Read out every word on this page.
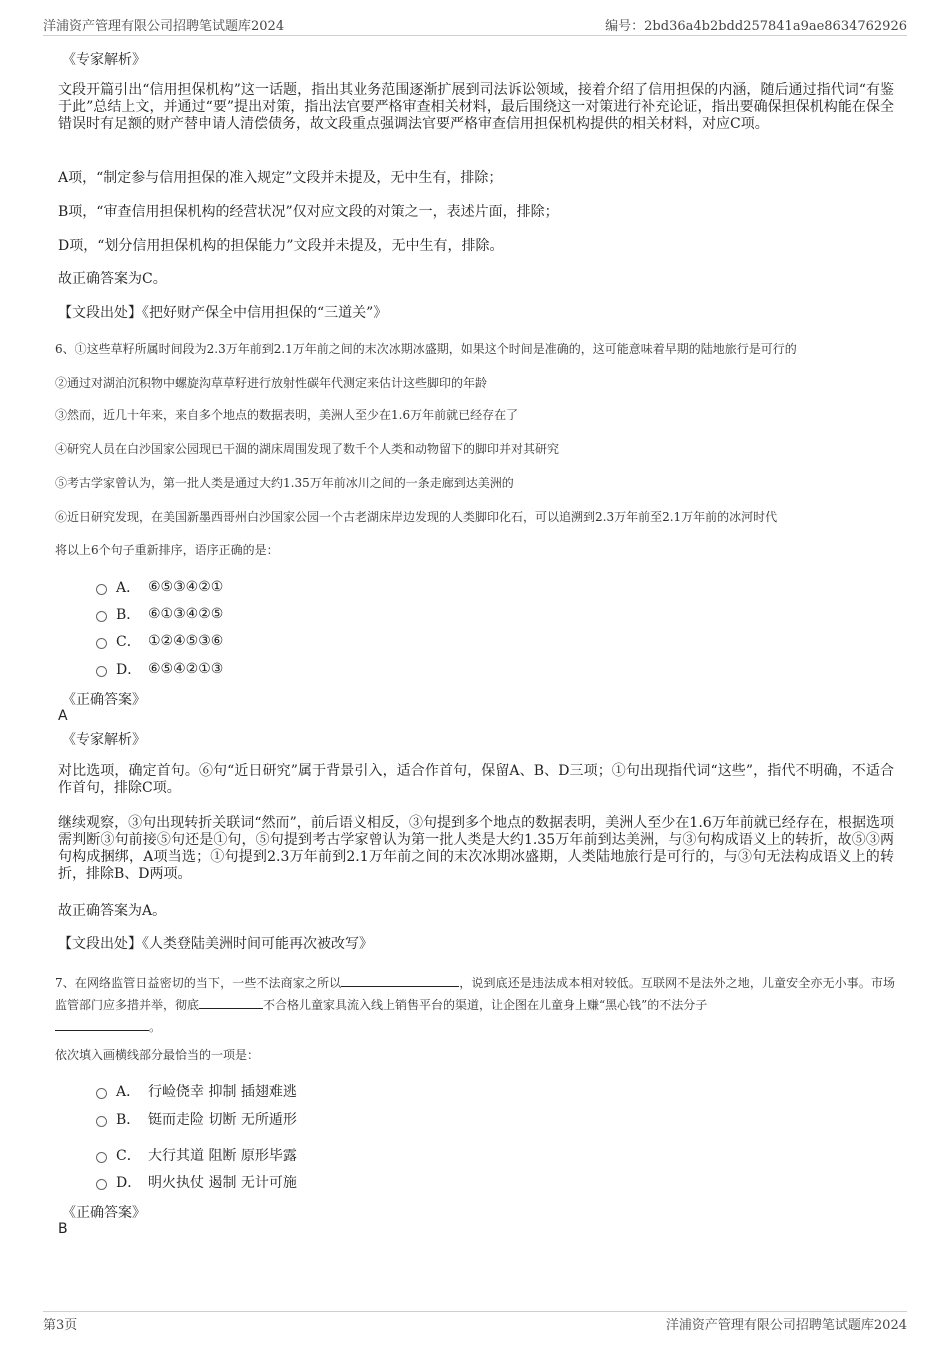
洋浦资产管理有限公司招聘笔试题库2024	编号：2bd36a4b2bdd257841a9ae8634762926

《专家解析》

文段开篇引出“信用担保机构”这一话题，指出其业务范围逐渐扩展到司法诉讼领域，接着介绍了信用担保的内涵，随后通过指代词“有鉴于此”总结上文，并通过“要”提出对策，指出法官要严格审查相关材料，最后围绕这一对策进行补充论证，指出要确保担保机构能在保全错误时有足额的财产替申请人清偿债务，故文段重点强调法官要严格审查信用担保机构提供的相关材料，对应C项。

A项，“制定参与信用担保的准入规定”文段并未提及，无中生有，排除；

B项，“审查信用担保机构的经营状况”仅对应文段的对策之一，表述片面，排除；

D项，“划分信用担保机构的担保能力”文段并未提及，无中生有，排除。

故正确答案为C。

【文段出处】《把好财产保全中信用担保的“三道关”》

6、①这些草籽所属时间段为2.3万年前到2.1万年前之间的末次冰期冰盛期，如果这个时间是准确的，这可能意味着早期的陆地旅行是可行的

②通过对湖泊沉积物中螺旋沟草草籽进行放射性碳年代测定来估计这些脚印的年龄

③然而，近几十年来，来自多个地点的数据表明，美洲人至少在1.6万年前就已经存在了

④研究人员在白沙国家公园现已干涸的湖床周围发现了数千个人类和动物留下的脚印并对其研究

⑤考古学家曾认为，第一批人类是通过大约1.35万年前冰川之间的一条走廊到达美洲的

⑥近日研究发现，在美国新墨西哥州白沙国家公园一个古老湖床岸边发现的人类脚印化石，可以追溯到2.3万年前至2.1万年前的冰河时代

将以上6个句子重新排序，语序正确的是：

A． ⑥⑤③④②①
B． ⑥①③④②⑤
C． ①②④⑤③⑥
D． ⑥⑤④②①③

《正确答案》

A

《专家解析》

对比选项，确定首句。⑥句“近日研究”属于背景引入，适合作首句，保留A、B、D三项；①句出现指代词“这些”，指代不明确，不适合作首句，排除C项。

继续观察，③句出现转折关联词“然而”，前后语义相反，③句提到多个地点的数据表明，美洲人至少在1.6万年前就已经存在，根据选项需判断③句前接⑤句还是①句，⑤句提到考古学家曾认为第一批人类是大约1.35万年前到达美洲，与③句构成语义上的转折，故⑤③两句构成捆绑，A项当选；①句提到2.3万年前到2.1万年前之间的末次冰期冰盛期，人类陆地旅行是可行的，与③句无法构成语义上的转折，排除B、D两项。

故正确答案为A。

【文段出处】《人类登陆美洲时间可能再次被改写》

7、在网络监管日益密切的当下，一些不法商家之所以	，说到底还是违法成本相对较低。互联网不是法外之地，儿童安全亦无小事。市场监管部门应多措并举，彻底	不合格儿童家具流入线上销售平台的渠道，让企图在儿童身上赚“黑心钱”的不法分子
。

依次填入画横线部分最恰当的一项是：

A． 行崄侥幸 抑制 插翅难逃
B． 铤而走险 切断 无所遁形
C． 大行其道 阻断 原形毕露
D． 明火执仗 遏制 无计可施

《正确答案》

B

第3页	洋浦资产管理有限公司招聘笔试题库2024
